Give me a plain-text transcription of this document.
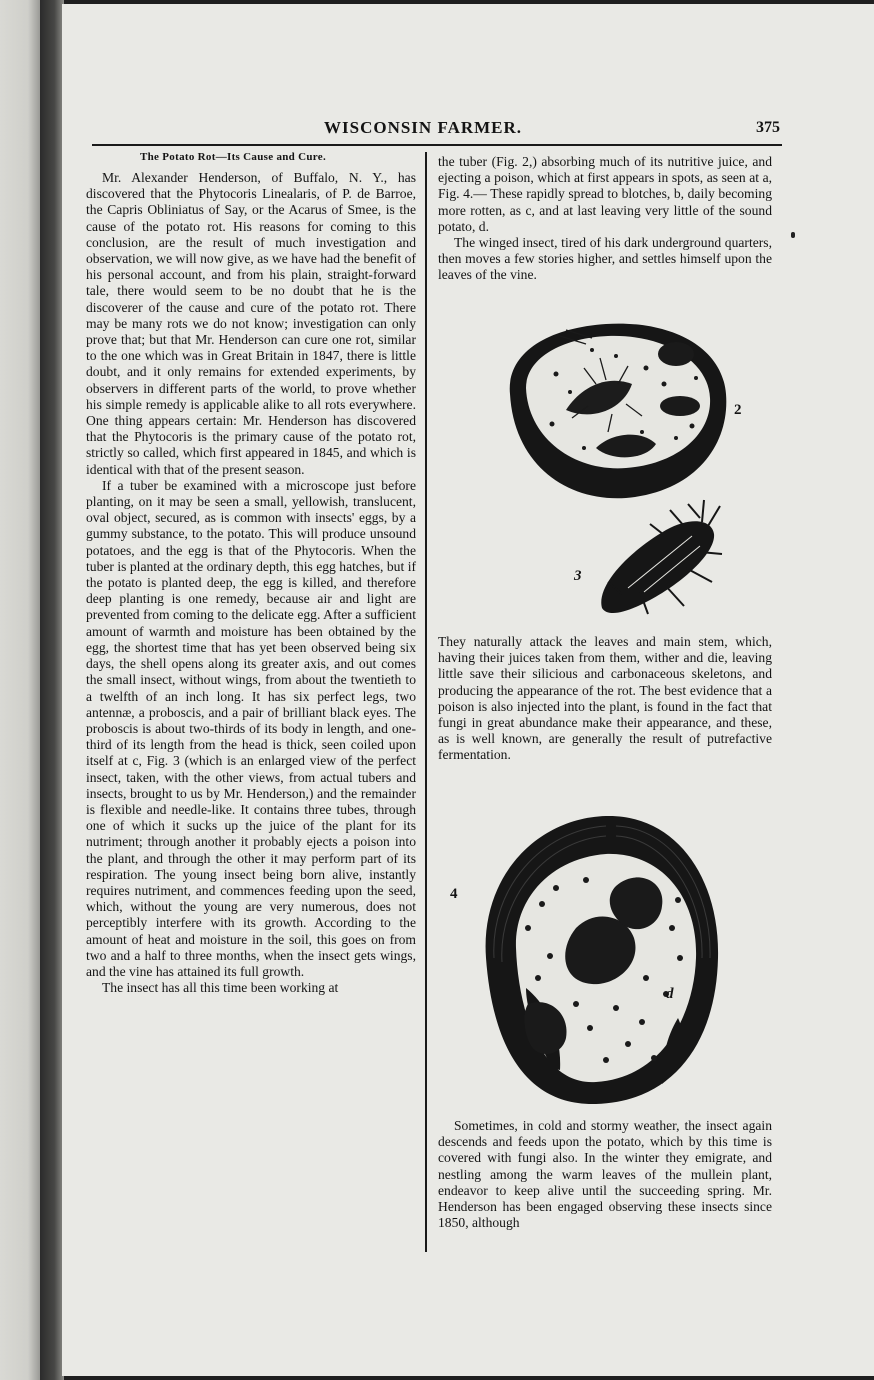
WISCONSIN FARMER.	375

The Potato Rot—Its Cause and Cure.

Mr. Alexander Henderson, of Buffalo, N. Y., has discovered that the Phytocoris Linealaris, of P. de Barroe, the Capris Obliniatus of Say, or the Acarus of Smee, is the cause of the potato rot. His reasons for coming to this conclusion, are the result of much investigation and observation, we will now give, as we have had the benefit of his personal account, and from his plain, straight-forward tale, there would seem to be no doubt that he is the discoverer of the cause and cure of the potato rot. There may be many rots we do not know; investigation can only prove that; but that Mr. Henderson can cure one rot, similar to the one which was in Great Britain in 1847, there is little doubt, and it only remains for extended experiments, by observers in different parts of the world, to prove whether his simple remedy is applicable alike to all rots everywhere. One thing appears certain: Mr. Henderson has discovered that the Phytocoris is the primary cause of the potato rot, strictly so called, which first appeared in 1845, and which is identical with that of the present season.

If a tuber be examined with a microscope just before planting, on it may be seen a small, yellowish, translucent, oval object, secured, as is common with insects' eggs, by a gummy substance, to the potato. This will produce unsound potatoes, and the egg is that of the Phytocoris. When the tuber is planted at the ordinary depth, this egg hatches, but if the potato is planted deep, the egg is killed, and therefore deep planting is one remedy, because air and light are prevented from coming to the delicate egg. After a sufficient amount of warmth and moisture has been obtained by the egg, the shortest time that has yet been observed being six days, the shell opens along its greater axis, and out comes the small insect, without wings, from about the twentieth to a twelfth of an inch long. It has six perfect legs, two antennæ, a proboscis, and a pair of brilliant black eyes. The proboscis is about two-thirds of its body in length, and one-third of its length from the head is thick, seen coiled upon itself at c, Fig. 3 (which is an enlarged view of the perfect insect, taken, with the other views, from actual tubers and insects, brought to us by Mr. Henderson,) and the remainder is flexible and needle-like. It contains three tubes, through one of which it sucks up the juice of the plant for its nutriment; through another it probably ejects a poison into the plant, and through the other it may perform part of its respiration. The young insect being born alive, instantly requires nutriment, and commences feeding upon the seed, which, without the young are very numerous, does not perceptibly interfere with its growth. According to the amount of heat and moisture in the soil, this goes on from two and a half to three months, when the insect gets wings, and the vine has attained its full growth.

The insect has all this time been working at

the tuber (Fig. 2,) absorbing much of its nutritive juice, and ejecting a poison, which at first appears in spots, as seen at a, Fig. 4.— These rapidly spread to blotches, b, daily becoming more rotten, as c, and at last leaving very little of the sound potato, d.

The winged insect, tired of his dark underground quarters, then moves a few stories higher, and settles himself upon the leaves of the vine.

2
3

They naturally attack the leaves and main stem, which, having their juices taken from them, wither and die, leaving little save their silicious and carbonaceous skeletons, and producing the appearance of the rot. The best evidence that a poison is also injected into the plant, is found in the fact that fungi in great abundance make their appearance, and these, as is well known, are generally the result of putrefactive fermentation.

4
d

Sometimes, in cold and stormy weather, the insect again descends and feeds upon the potato, which by this time is covered with fungi also. In the winter they emigrate, and nestling among the warm leaves of the mullein plant, endeavor to keep alive until the succeeding spring. Mr. Henderson has been engaged observing these insects since 1850, although
